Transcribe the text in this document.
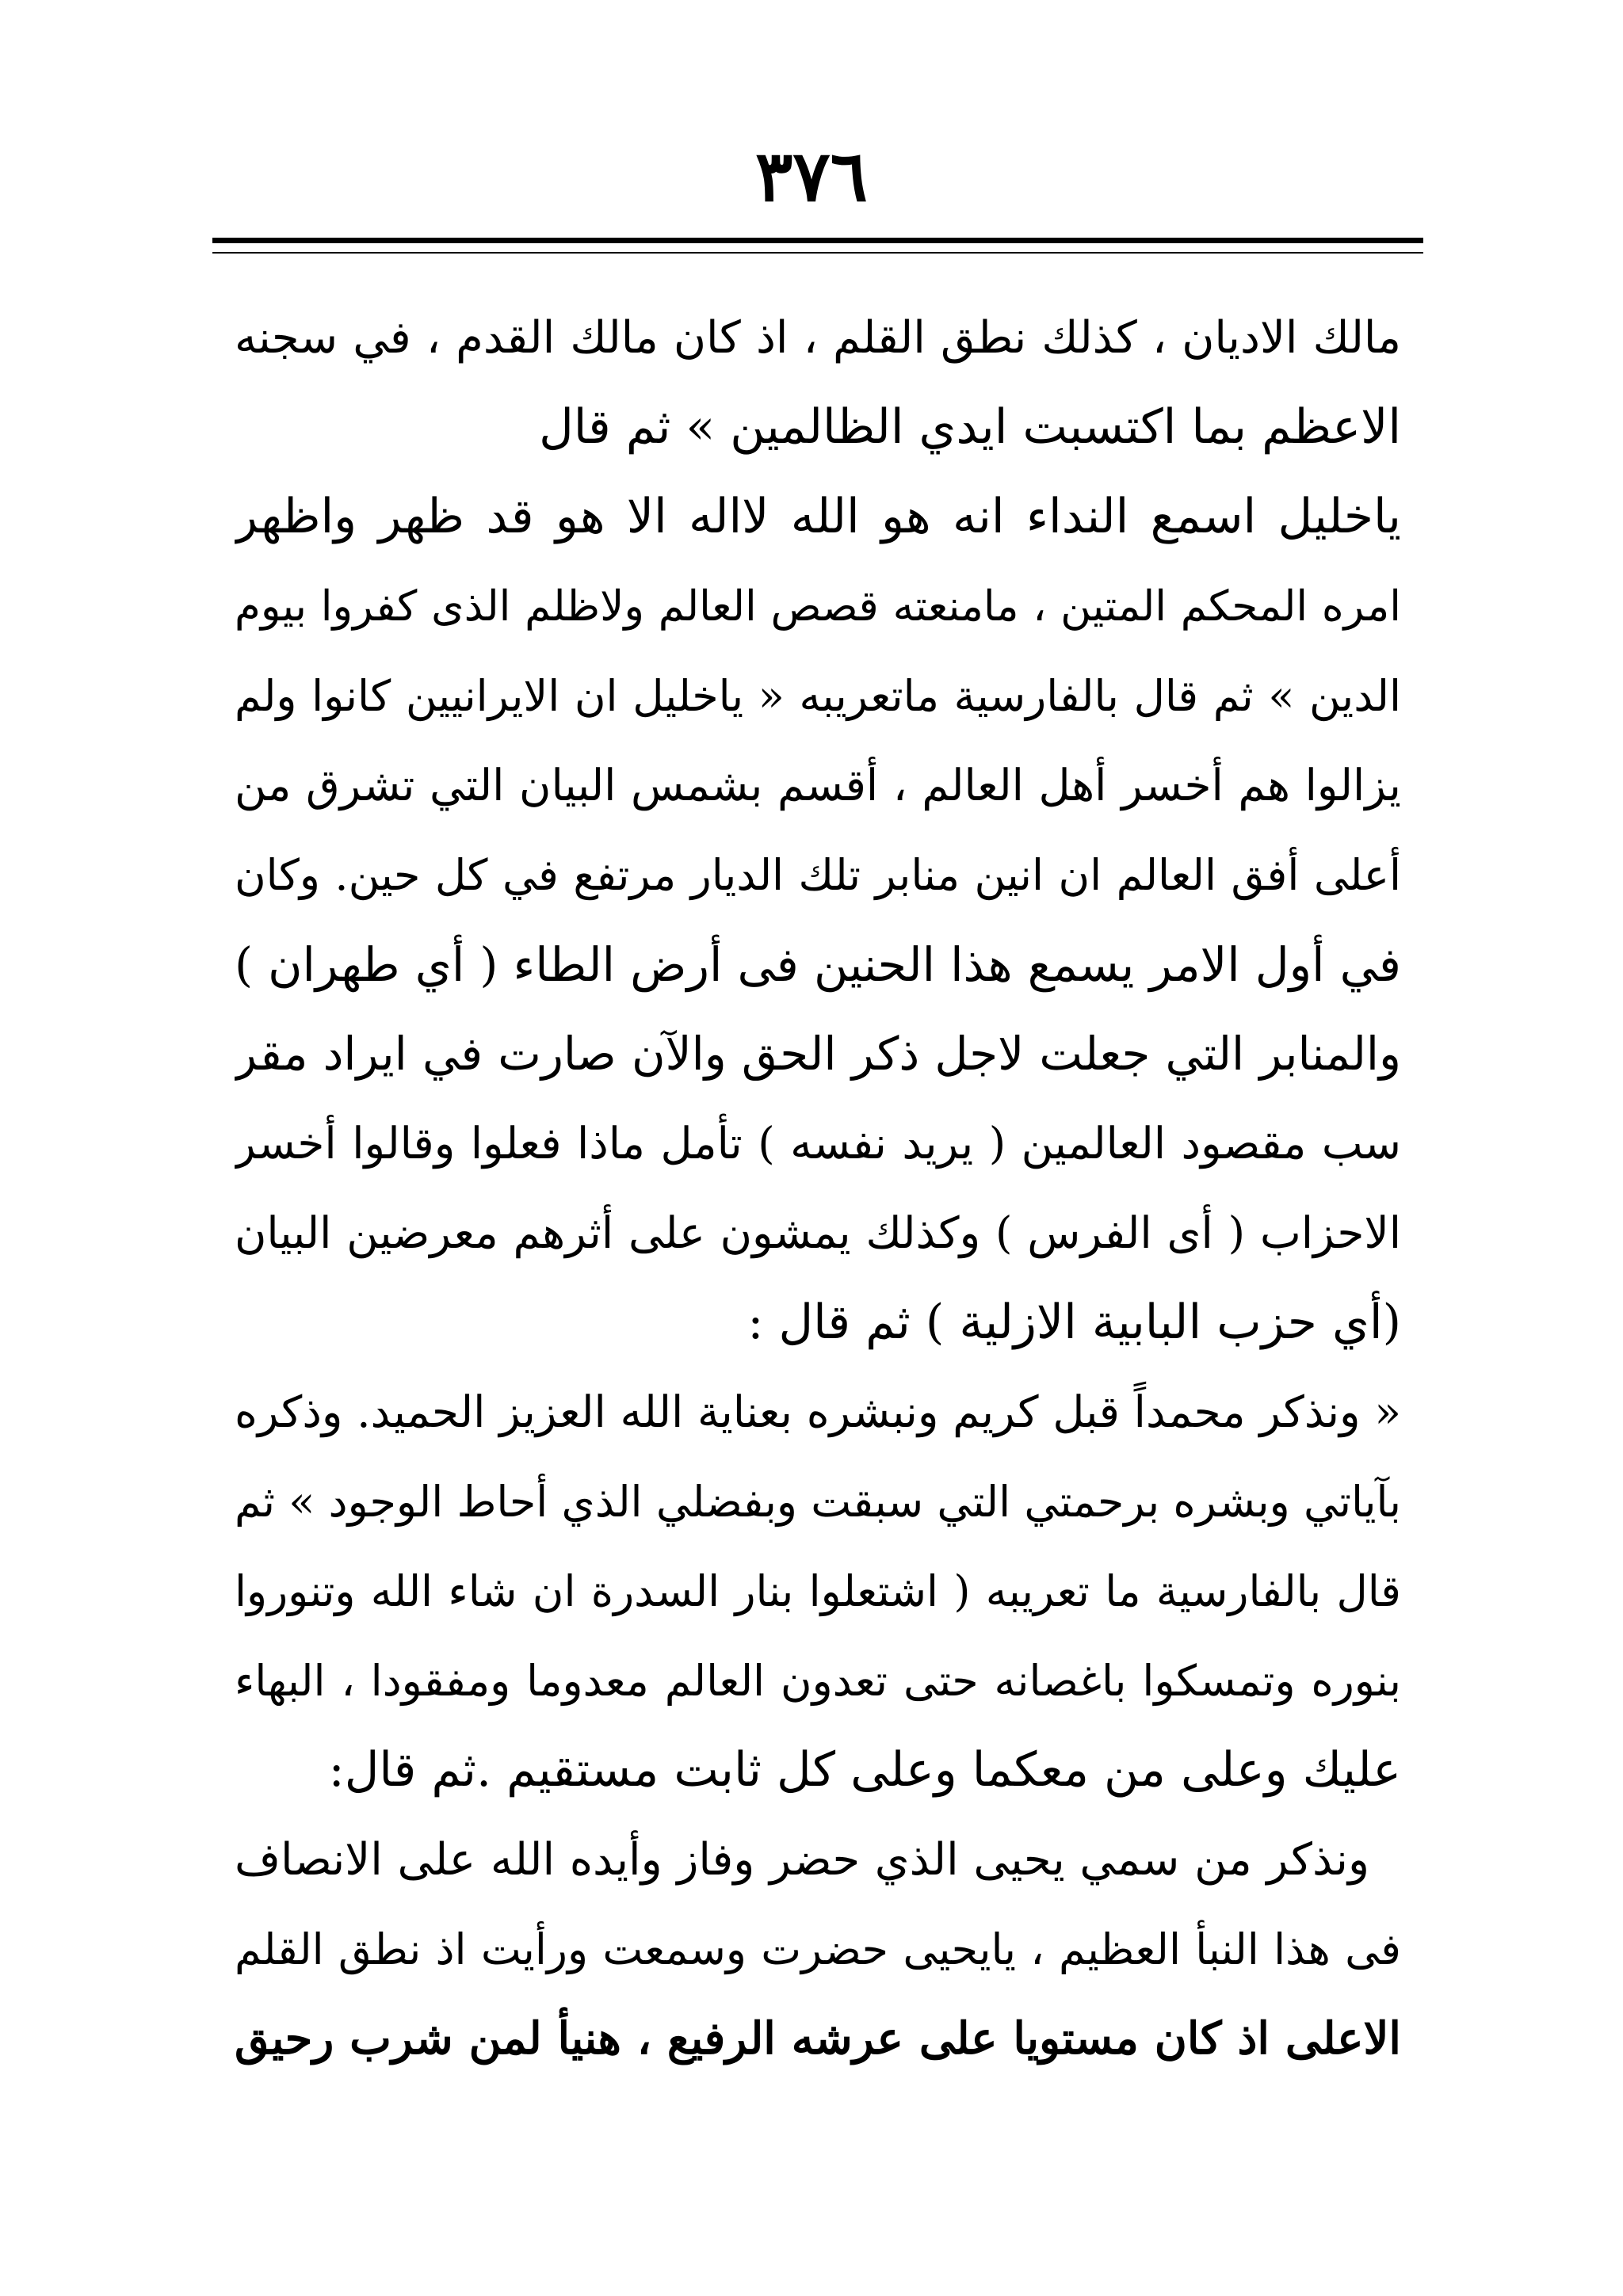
٣٧٦
مالك الاديان ، كذلك نطق القلم ، اذ كان مالك القدم ، في سجنه
الاعظم بما اكتسبت ايدي الظالمين » ثم قال
ياخليل اسمع النداء انه هو الله لااله الا هو قد ظهر واظهر
امره المحكم المتين ، مامنعته قصص العالم ولاظلم الذى كفروا بيوم
الدين » ثم قال بالفارسية ماتعريبه « ياخليل ان الايرانيين كانوا ولم
يزالوا هم أخسر أهل العالم ، أقسم بشمس البيان التي تشرق من
أعلى أفق العالم ان انين منابر تلك الديار مرتفع في كل حين. وكان
في أول الامر يسمع هذا الحنين فى أرض الطاء ( أي طهران )
والمنابر التي جعلت لاجل ذكر الحق والآن صارت في ايراد مقر
سب مقصود العالمين ( يريد نفسه ) تأمل ماذا فعلوا وقالوا أخسر
الاحزاب ( أى الفرس ) وكذلك يمشون على أثرهم معرضين البيان
(أي حزب البابية الازلية ) ثم قال :
« ونذكر محمداً قبل كريم ونبشره بعناية الله العزيز الحميد. وذكره
بآياتي وبشره برحمتي التي سبقت وبفضلي الذي أحاط الوجود » ثم
قال بالفارسية ما تعريبه ( اشتعلوا بنار السدرة ان شاء الله وتنوروا
بنوره وتمسكوا باغصانه حتى تعدون العالم معدوما ومفقودا ، البهاء
عليك وعلى من معكما وعلى كل ثابت مستقيم .ثم قال:
ونذكر من سمي يحيى الذي حضر وفاز وأيده الله على الانصاف
فى هذا النبأ العظيم ، يايحيى حضرت وسمعت ورأيت اذ نطق القلم
الاعلى اذ كان مستويا على عرشه الرفيع ، هنيأ لمن شرب رحيق
